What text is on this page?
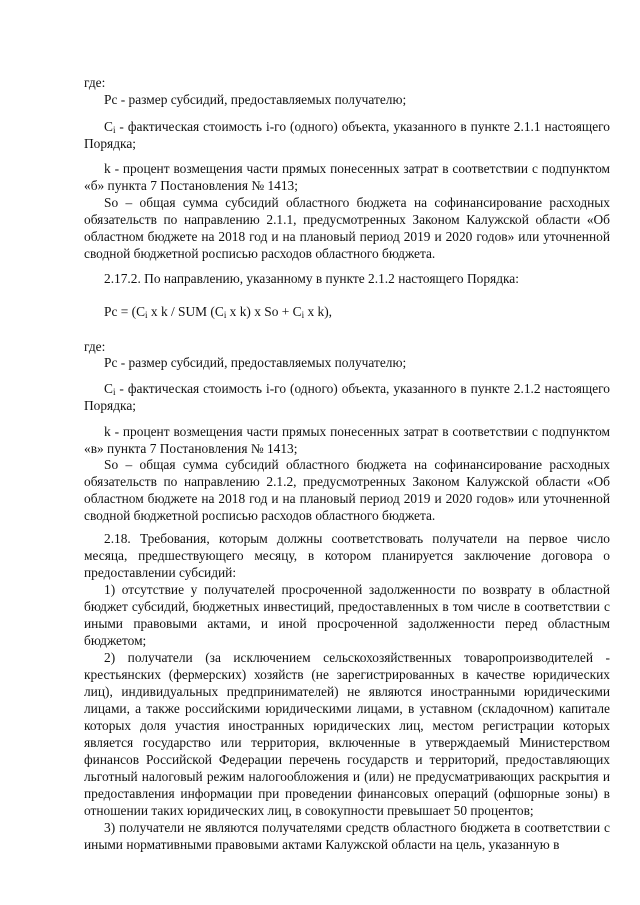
где:

Рс - размер субсидий, предоставляемых получателю;

$C_i$ - фактическая стоимость i-го (одного) объекта, указанного в пункте 2.1.1 настоящего Порядка;

k - процент возмещения части прямых понесенных затрат в соответствии с подпунктом «б» пункта 7 Постановления № 1413;

So – общая сумма субсидий областного бюджета на софинансирование расходных обязательств по направлению 2.1.1, предусмотренных Законом Калужской области «Об областном бюджете на 2018 год и на плановый период 2019 и 2020 годов» или уточненной сводной бюджетной росписью расходов областного бюджета.

2.17.2. По направлению, указанному в пункте 2.1.2 настоящего Порядка:

$Pc = (C_i$ x k / SUM ($C_i$ x k) x $So + C_i$ x k),

где:

Рс - размер субсидий, предоставляемых получателю;

$C_i$ - фактическая стоимость i-го (одного) объекта, указанного в пункте 2.1.2 настоящего Порядка;

k - процент возмещения части прямых понесенных затрат в соответствии с подпунктом «в» пункта 7 Постановления № 1413;

So – общая сумма субсидий областного бюджета на софинансирование расходных обязательств по направлению 2.1.2, предусмотренных Законом Калужской области «Об областном бюджете на 2018 год и на плановый период 2019 и 2020 годов» или уточненной сводной бюджетной росписью расходов областного бюджета.

2.18. Требования, которым должны соответствовать получатели на первое число месяца, предшествующего месяцу, в котором планируется заключение договора о предоставлении субсидий:

1) отсутствие у получателей просроченной задолженности по возврату в областной бюджет субсидий, бюджетных инвестиций, предоставленных в том числе в соответствии с иными правовыми актами, и иной просроченной задолженности перед областным бюджетом;

2) получатели (за исключением сельскохозяйственных товаропроизводителей - крестьянских (фермерских) хозяйств (не зарегистрированных в качестве юридических лиц), индивидуальных предпринимателей) не являются иностранными юридическими лицами, а также российскими юридическими лицами, в уставном (складочном) капитале которых доля участия иностранных юридических лиц, местом регистрации которых является государство или территория, включенные в утверждаемый Министерством финансов Российской Федерации перечень государств и территорий, предоставляющих льготный налоговый режим налогообложения и (или) не предусматривающих раскрытия и предоставления информации при проведении финансовых операций (офшорные зоны) в отношении таких юридических лиц, в совокупности превышает 50 процентов;

3) получатели не являются получателями средств областного бюджета в соответствии с иными нормативными правовыми актами Калужской области на цель, указанную в
